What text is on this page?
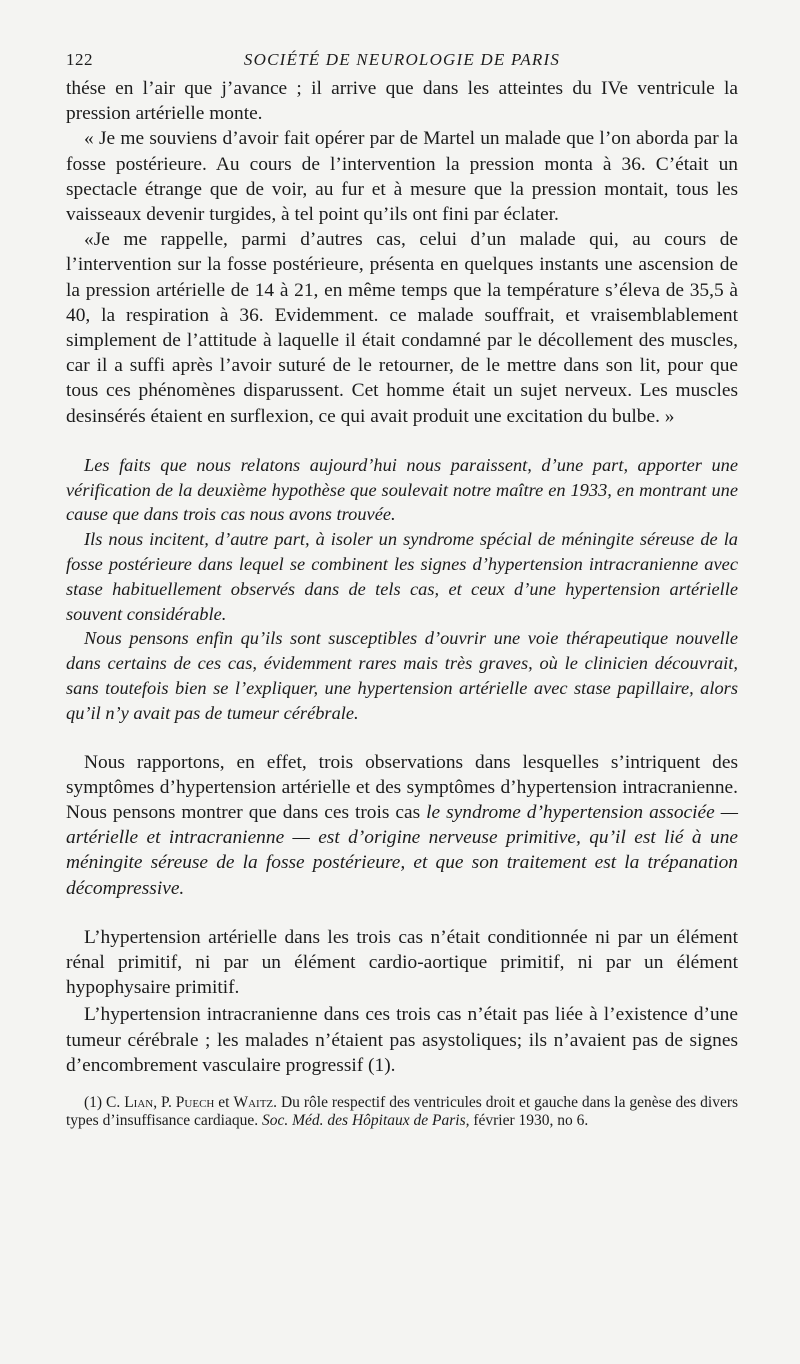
122	SOCIÉTÉ DE NEUROLOGIE DE PARIS

thése en l’air que j’avance ; il arrive que dans les atteintes du IVe ventricule la pression artérielle monte.

« Je me souviens d’avoir fait opérer par de Martel un malade que l’on aborda par la fosse postérieure. Au cours de l’intervention la pression monta à 36. C’était un spectacle étrange que de voir, au fur et à mesure que la pression montait, tous les vaisseaux devenir turgides, à tel point qu’ils ont fini par éclater.

«Je me rappelle, parmi d’autres cas, celui d’un malade qui, au cours de l’intervention sur la fosse postérieure, présenta en quelques instants une ascension de la pression artérielle de 14 à 21, en même temps que la température s’éleva de 35,5 à 40, la respiration à 36. Evidemment. ce malade souffrait, et vraisemblablement simplement de l’attitude à laquelle il était condamné par le décollement des muscles, car il a suffi après l’avoir suturé de le retourner, de le mettre dans son lit, pour que tous ces phénomènes disparussent. Cet homme était un sujet nerveux. Les muscles desinsérés étaient en surflexion, ce qui avait produit une excitation du bulbe. »

Les faits que nous relatons aujourd’hui nous paraissent, d’une part, apporter une vérification de la deuxième hypothèse que soulevait notre maître en 1933, en montrant une cause que dans trois cas nous avons trouvée.

Ils nous incitent, d’autre part, à isoler un syndrome spécial de méningite séreuse de la fosse postérieure dans lequel se combinent les signes d’hypertension intracranienne avec stase habituellement observés dans de tels cas, et ceux d’une hypertension artérielle souvent considérable.

Nous pensons enfin qu’ils sont susceptibles d’ouvrir une voie thérapeutique nouvelle dans certains de ces cas, évidemment rares mais très graves, où le clinicien découvrait, sans toutefois bien se l’expliquer, une hypertension artérielle avec stase papillaire, alors qu’il n’y avait pas de tumeur cérébrale.

Nous rapportons, en effet, trois observations dans lesquelles s’intriquent des symptômes d’hypertension artérielle et des symptômes d’hypertension intracranienne. Nous pensons montrer que dans ces trois cas le syndrome d’hypertension associée — artérielle et intracranienne — est d’origine nerveuse primitive, qu’il est lié à une méningite séreuse de la fosse postérieure, et que son traitement est la trépanation décompressive.

L’hypertension artérielle dans les trois cas n’était conditionnée ni par un élément rénal primitif, ni par un élément cardio-aortique primitif, ni par un élément hypophysaire primitif.

L’hypertension intracranienne dans ces trois cas n’était pas liée à l’existence d’une tumeur cérébrale ; les malades n’étaient pas asystoliques; ils n’avaient pas de signes d’encombrement vasculaire progressif (1).

(1) C. Lian, P. Puech et Waitz. Du rôle respectif des ventricules droit et gauche dans la genèse des divers types d’insuffisance cardiaque. Soc. Méd. des Hôpitaux de Paris, février 1930, no 6.
